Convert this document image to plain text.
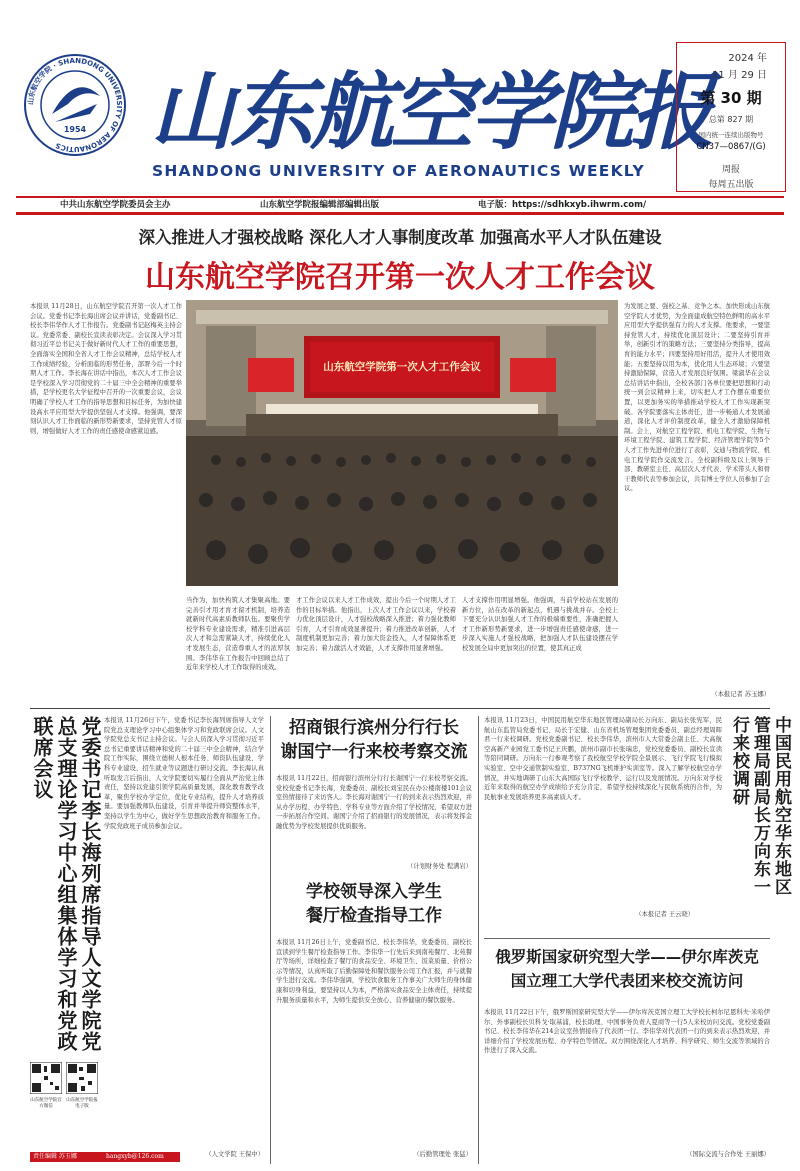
山东航空学院 · SHANDONG UNIVERSITY OF AERONAUTICS
1954 山东航空学院报
SHANDONG UNIVERSITY OF AERONAUTICS WEEKLY
2024 年
11 月 29 日
第 30 期
总第 827 期
国内统一连续出版物号
CN37—0867/(G)
周报
每周五出版
中共山东航空学院委员会主办	山东航空学院报编辑部编辑出版	电子版：https://sdhkxyb.ihwrm.com/
深入推进人才强校战略 深化人才人事制度改革 加强高水平人才队伍建设
山东航空学院召开第一次人才工作会议
本报讯 11月28日，山东航空学院召开第一次人才工作会议。党委书记李长海出席会议并讲话，党委副书记、校长李伟华作人才工作报告。党委副书记赵梅英主持会议。党委常委、副校长宣读表彰决定。会议深入学习贯彻习近平总书记关于做好新时代人才工作的重要思想，全面落实全国和全省人才工作会议精神，总结学校人才工作成绩经验，分析面临的形势任务，部署今后一个时期人才工作。李长海在讲话中指出，本次人才工作会议是学校深入学习贯彻党的二十届三中全会精神的重要举措，是学校更名大学征程中召开的一次重要会议，会议明确了学校人才工作的指导思想和目标任务，为加快建设高水平应用型大学提供坚强人才支撑。他强调，要深刻认识人才工作面临的新形势新要求，坚持党管人才原则，增强做好人才工作的责任感使命感紧迫感。
山东航空学院第一次人才工作会议
当作为，加快构筑人才集聚高地。要完善引才用才育才留才机制，培养造就新时代高素质教师队伍。要聚焦学校学科专业建设需求，精准引进高层次人才和急需紧缺人才，持续优化人才发展生态，营造尊重人才的浓厚氛围。李伟华在工作报告中回顾总结了近年来学校人才工作取得的成效。
才工作会议以来人才工作成效，提出今后一个时期人才工作的目标举措。他指出，上次人才工作会议以来，学校着力优化顶层设计，人才强校战略深入推进；着力强化教师引育，人才引育成效显著提升；着力推进改革创新，人才制度机制更加完善；着力加大资金投入，人才保障体系更加完善；着力激活人才效能，人才支撑作用显著增强。
人才支撑作用明显增强。他强调，当前学校站在发展的新方位，站在改革的新起点，机遇与挑战并存。全校上下要充分认识加强人才工作的极端重要性，准确把握人才工作新形势新要求，进一步增强责任感使命感，进一步深入实施人才强校战略，把加强人才队伍建设摆在学校发展全局中更加突出的位置，使其真正成
为发展之要、强校之基、竞争之本。加快形成山东航空学院人才优势，为全面建成航空特色鲜明的高水平应用型大学提供强有力的人才支撑。他要求，一要坚持党管人才，持续优化顶层设计；二要坚持引育并举，创新引才的策略方法；三要坚持分类指导，提高育的能力水平；四要坚持用好用活，提升人才使用效能；五要坚持以用为本，优化用人生态环境；六要坚持激励保障，营造人才发展良好氛围。梁淑华在会议总结讲话中指出，全校各部门各单位要把思想和行动统一到会议精神上来，切实把人才工作摆在重要位置，以更加务实的举措推动学校人才工作实现新突破。各学院要落实主体责任，进一步畅通人才发展通道，深化人才评价制度改革，健全人才激励保障机制。会上，对航空工程学院、机电工程学院、生物与环境工程学院、建筑工程学院、经济管理学院等5个人才工作先进单位进行了表彰，交通与物流学院、机电工程学院作交流发言。全校副科级及以上领导干部、教研室主任、高层次人才代表、学术带头人和骨干教师代表等参加会议，共有博士学位人员参加了会议。
（本报记者 苏玉娜）
党委书记李长海列席指导人文学院党总支理论学习中心组集体学习和党政联席会议	本报讯 11月26日下午，党委书记李长海列席指导人文学院党总支理论学习中心组集体学习和党政联席会议。人文学院党总支书记主持会议。与会人员深入学习贯彻习近平总书记重要讲话精神和党的二十届三中全会精神，结合学院工作实际，围绕立德树人根本任务、师资队伍建设、学科专业建设、招生就业等议题进行研讨交流。李长海认真听取发言后指出，人文学院要切实履行全面从严治党主体责任，坚持以党建引领学院高质量发展，深化教育教学改革，聚焦学校办学定位，优化专业结构，提升人才培养质量。要加强教师队伍建设，引育并举提升师资整体水平，坚持以学生为中心，做好学生思想政治教育和服务工作。学院党政班子成员参加会议。
山东航空学院官方微信
山东航空学院报电子版
责任编辑 苏玉娜	hangxyb@126.com	（人文学院 王保中）
招商银行滨州分行行长
谢国宁一行来校考察交流
本报讯 11月22日，招商银行滨州分行行长谢国宁一行来校考察交流。党校党委书记李长海，党委委员、副校长刘宝民在办公楼南楼101会议室热情接待了来访客人。李长海对谢国宁一行的到来表示热烈欢迎，并从办学历程、办学特色、学科专业等方面介绍了学校情况，希望双方进一步拓展合作空间。谢国宁介绍了招商银行的发展情况，表示将发挥金融优势为学校发展提供优质服务。
（计划财务处 程满岩）
学校领导深入学生
餐厅检查指导工作
本报讯 11月26日上午，党委副书记、校长李伟华，党委委员、副校长宣读到学生餐厅检查指导工作。李伟华一行先后来到南苑餐厅、北苑餐厅等场所，详细检查了餐厅的食品安全、环境卫生、饭菜质量、价格公示等情况，认真听取了后勤保障处和餐饮服务公司工作汇报，并与就餐学生进行交流。李伟华强调，学校饮食服务工作事关广大师生的身体健康和切身利益，要坚持以人为本，严格落实食品安全主体责任，持续提升服务质量和水平，为师生提供安全放心、营养健康的餐饮服务。
（后勤管理处 张猛）
本报讯 11月23日，中国民用航空华东地区管理局副局长万向东、副局长张宪军，民航山东监管局党委书记、局长于宏健、山东省机场管理集团党委委员、副总经理周晖君一行来校调研。党校党委副书记、校长李伟华，滨州市人大常委会副主任、大高航空高新产业园党工委书记王庆鹏，滨州市副市长张瑞忠，党校党委委员、副校长宣读等陪同调研。万向东一行参观考察了我校航空学校学院全景展示、飞行学院飞行模拟实验室、空中交通管制实验室、B737NG飞机维护实训室等。深入了解学校航空办学情况，并实地调研了山东大高国际飞行学校教学、运行以及发展情况。万向东对学校近年来取得的航空办学成绩给予充分肯定，希望学校持续深化与民航系统的合作，为民航事业发展培养更多高素质人才。	中国民用航空华东地区管理局副局长万向东一行来校调研
（本报记者 王云晓）
俄罗斯国家研究型大学——伊尔库茨克
国立理工大学代表团来校交流访问
本报讯 11月22日下午，俄罗斯国家研究型大学——伊尔库茨克国立理工大学校长柯尔尼恩科夫·米哈伊尔、外事副校长贝科戈·取基浦，校长助理、中国事务负责人夏商等一行5人来校访问交流。党校党委副书记、校长李伟华在214会议室热情接待了代表团一行。李伟华对代表团一行的到来表示热烈欢迎，并详细介绍了学校发展历程、办学特色等情况。双方围绕深化人才培养、科学研究、师生交流等领域的合作进行了深入交流。
（国际交流与合作处 王丽娜）
